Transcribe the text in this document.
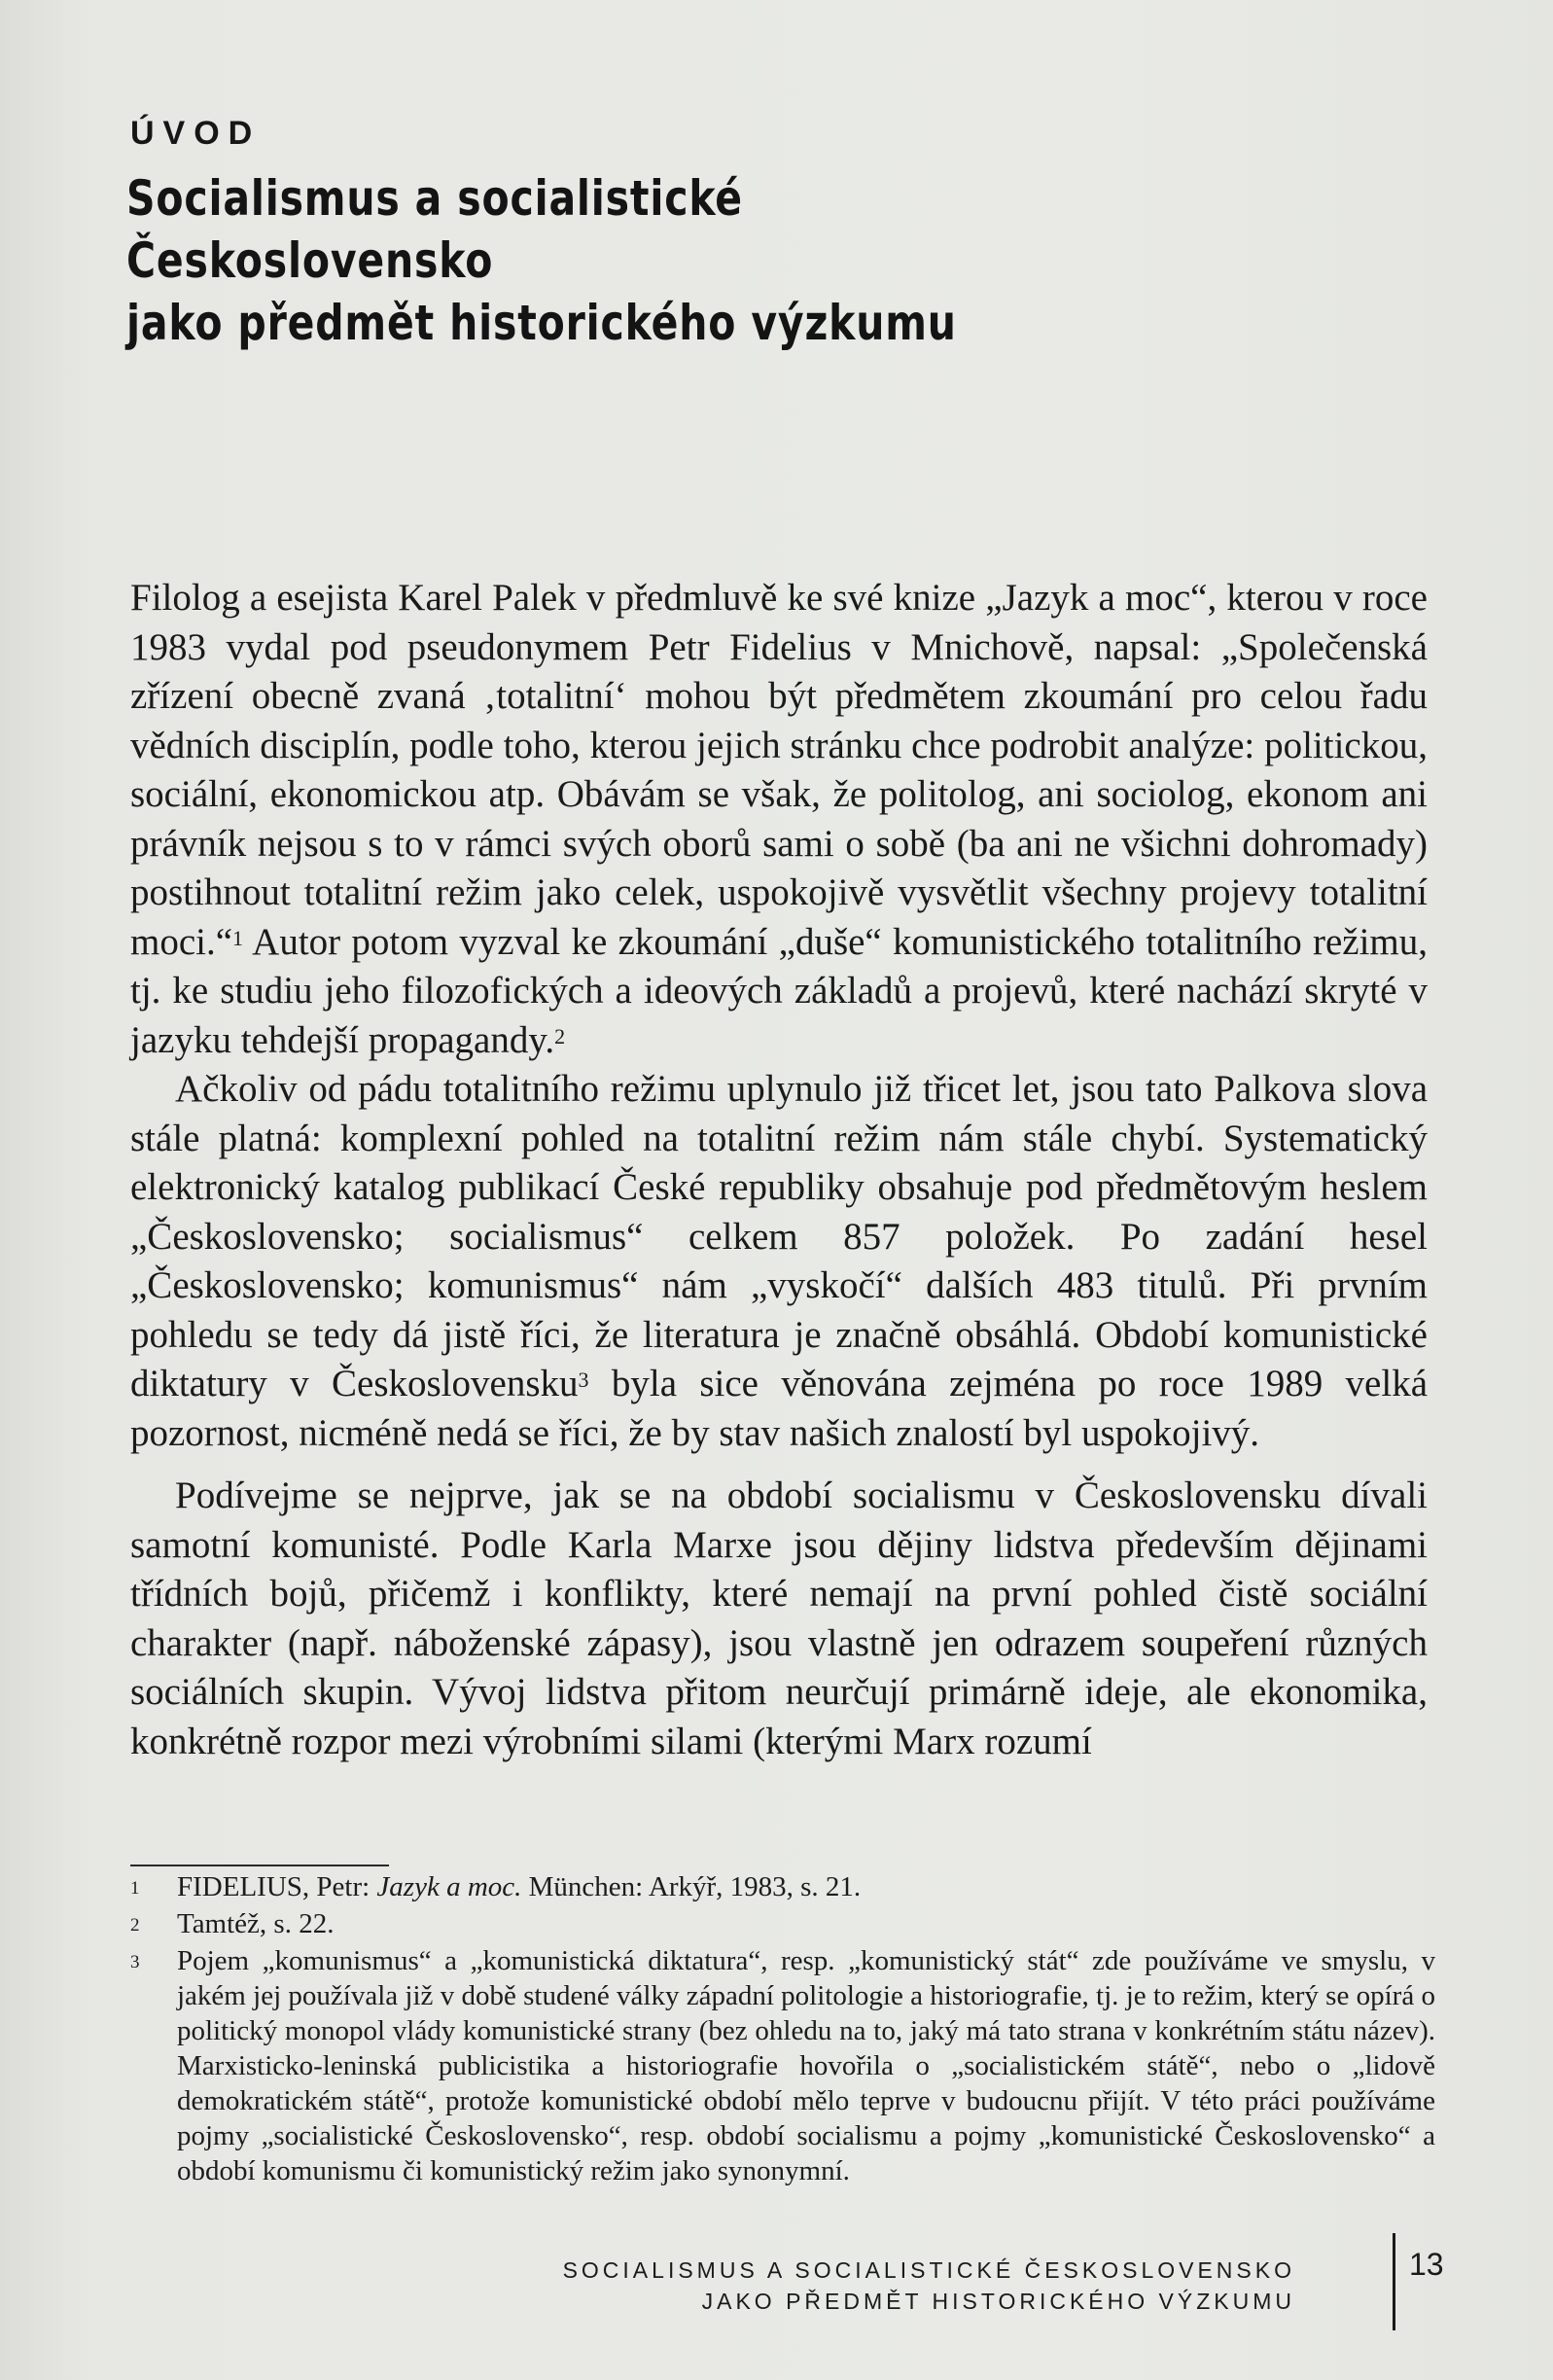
ÚVOD
Socialismus a socialistické Československo
jako předmět historického výzkumu

Filolog a esejista Karel Palek v předmluvě ke své knize „Jazyk a moc“, kterou v roce 1983 vydal pod pseudonymem Petr Fidelius v Mnichově, napsal: „Společenská zřízení obecně zvaná ‚totalitní‘ mohou být předmětem zkoumání pro celou řadu vědních disciplín, podle toho, kterou jejich stránku chce podrobit analýze: politickou, sociální, ekonomickou atp. Obávám se však, že politolog, ani sociolog, ekonom ani právník nejsou s to v rámci svých oborů sami o sobě (ba ani ne všichni dohromady) postihnout totalitní režim jako celek, uspokojivě vysvětlit všechny projevy totalitní moci.“$^1$ Autor potom vyzval ke zkoumání „duše“ komunistického totalitního režimu, tj. ke studiu jeho filozofických a ideových základů a projevů, které nachází skryté v jazyku tehdejší propagandy.$^2$

Ačkoliv od pádu totalitního režimu uplynulo již třicet let, jsou tato Palkova slova stále platná: komplexní pohled na totalitní režim nám stále chybí. Systematický elektronický katalog publikací České republiky obsahuje pod předmětovým heslem „Československo; socialismus“ celkem 857 položek. Po zadání hesel „Československo; komunismus“ nám „vyskočí“ dalších 483 titulů. Při prvním pohledu se tedy dá jistě říci, že literatura je značně obsáhlá. Období komunistické diktatury v Československu$^3$ byla sice věnována zejména po roce 1989 velká pozornost, nicméně nedá se říci, že by stav našich znalostí byl uspokojivý.

Podívejme se nejprve, jak se na období socialismu v Československu dívali samotní komunisté. Podle Karla Marxe jsou dějiny lidstva především dějinami třídních bojů, přičemž i konflikty, které nemají na první pohled čistě sociální charakter (např. náboženské zápasy), jsou vlastně jen odrazem soupeření různých sociálních skupin. Vývoj lidstva přitom neurčují primárně ideje, ale ekonomika, konkrétně rozpor mezi výrobními silami (kterými Marx rozumí

1	FIDELIUS, Petr: Jazyk a moc. München: Arkýř, 1983, s. 21.
2	Tamtéž, s. 22.
3	Pojem „komunismus“ a „komunistická diktatura“, resp. „komunistický stát“ zde používáme ve smyslu, v jakém jej používala již v době studené války západní politologie a historiografie, tj. je to režim, který se opírá o politický monopol vlády komunistické strany (bez ohledu na to, jaký má tato strana v konkrétním státu název). Marxisticko-leninská publicistika a historiografie hovořila o „socialistickém státě“, nebo o „lidově demokratickém státě“, protože komunistické období mělo teprve v budoucnu přijít. V této práci používáme pojmy „socialistické Československo“, resp. období socialismu a pojmy „komunistické Československo“ a období komunismu či komunistický režim jako synonymní.
SOCIALISMUS A SOCIALISTICKÉ ČESKOSLOVENSKO
JAKO PŘEDMĚT HISTORICKÉHO VÝZKUMU
13
